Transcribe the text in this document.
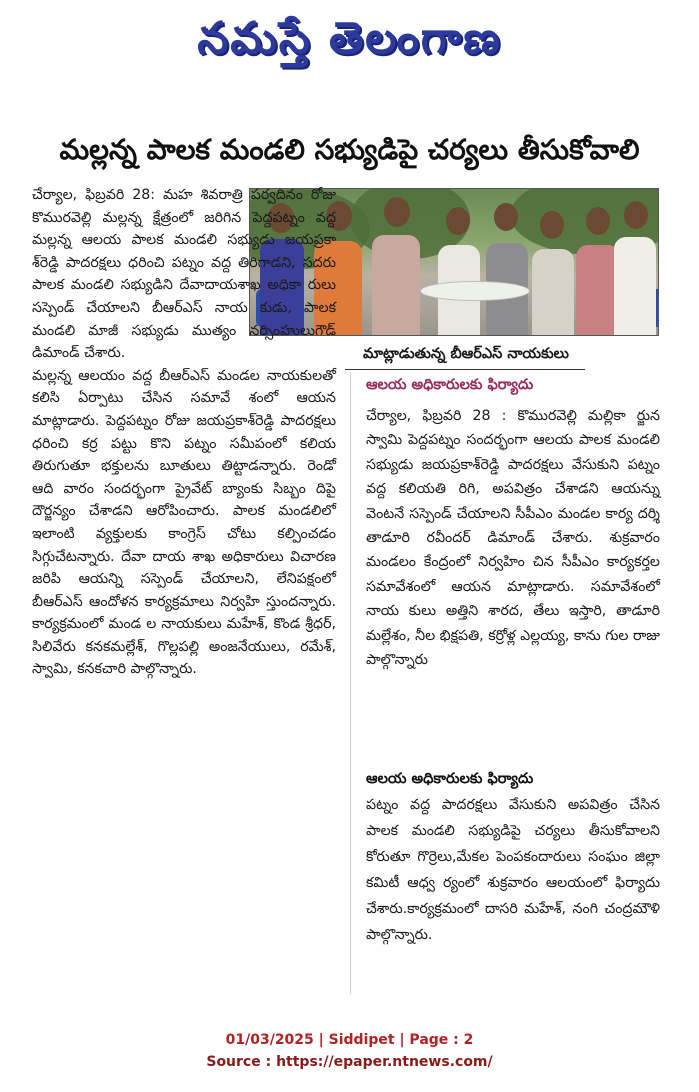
నమస్తే తెలంగాణ
మల్లన్న పాలక మండలి సభ్యుడిపై చర్యలు తీసుకోవాలి
మాట్లాడుతున్న బీఆర్‌ఎస్ నాయకులు

చేర్యాల, ఫిబ్రవరి 28: మహ శివరాత్రి పర్వదినం రోజు కొమురవెల్లి మల్లన్న క్షేత్రంలో జరిగిన పెద్దపట్నం వద్ద మల్లన్న ఆలయ పాలక మండలి సభ్యుడు జయప్రకా శ్‌రెడ్డి పాదరక్షలు ధరించి పట్నం వద్ద తిరిగాడని, సదరు పాలక మండలి సభ్యుడిని దేవాదాయశాఖ అధికా రులు సస్పెండ్ చేయాలని బీఆర్‌ఎస్ నాయ కుడు, పాలక మండలి మాజీ సభ్యుడు ముత్యం నర్సింహులుగౌడ్ డిమాండ్ చేశారు.

మల్లన్న ఆలయం వద్ద బీఆర్‌ఎస్ మండల నాయకులతో కలిసి ఏర్పాటు చేసిన సమావే శంలో ఆయన మాట్లాడారు. పెద్దపట్నం రోజు జయప్రకాశ్‌రెడ్డి పాదరక్షలు ధరించి కర్ర పట్టు కొని పట్నం సమీపంలో కలియ తిరుగుతూ భక్తులను బూతులు తిట్టాడన్నారు. రెండో ఆది వారం సందర్భంగా ప్రైవేట్ బ్యాంకు సిబ్బం దిపై దౌర్జన్యం చేశాడని ఆరోపించారు. పాలక మండలిలో ఇలాంటి వ్యక్తులకు కాంగ్రెస్ చోటు కల్పించడం సిగ్గుచేటన్నారు. దేవా దాయ శాఖ అధికారులు విచారణ జరిపి ఆయన్ని సస్పెండ్ చేయాలని, లేనిపక్షంలో బీఆర్‌ఎస్ ఆందోళన కార్యక్రమాలు నిర్వహి స్తుందన్నారు. కార్యక్రమంలో మండ ల నాయకులు మహేశ్, కొండ శ్రీధర్, సిలివేరు కనకమల్లేశ్, గొల్లపల్లి అంజనేయులు, రమేశ్, స్వామి, కనకచారి పాల్గొన్నారు.

ఆలయ అధికారులకు ఫిర్యాదు
చేర్యాల, ఫిబ్రవరి 28 : కొమురవెల్లి మల్లికా ర్జున స్వామి పెద్దపట్నం సందర్భంగా ఆలయ పాలక మండలి సభ్యుడు జయప్రకాశ్‌రెడ్డి పాదరక్షలు వేసుకుని పట్నం వద్ద కలియతి రిగి, అపవిత్రం చేశాడని ఆయన్ను వెంటనే సస్పెండ్ చేయాలని సీపీఎం మండల కార్య దర్శి తాడూరి రవీందర్ డిమాండ్ చేశారు. శుక్రవారం మండలం కేంద్రంలో నిర్వహిం చిన సీపీఎం కార్యకర్తల సమావేశంలో ఆయన మాట్లాడారు. సమావేశంలో నాయ కులు అత్తిని శారద, తేలు ఇస్తారి, తాడూరి మల్లేశం, నీల భిక్షపతి, కర్రోళ్ల ఎల్లయ్య, కాను గుల రాజు పాల్గొన్నారు
ఆలయ అధికారులకు ఫిర్యాదు
పట్నం వద్ద పాదరక్షలు వేసుకుని అపవిత్రం చేసిన పాలక మండలి సభ్యుడిపై చర్యలు తీసుకోవాలని కోరుతూ గొర్రెలు,మేకల పెంపకందారులు సంఘం జిల్లా కమిటీ ఆధ్వ ర్యంలో శుక్రవారం ఆలయంలో ఫిర్యాదు చేశారు.కార్యక్రమంలో దాసరి మహేశ్, నంగి చంద్రమౌళి పాల్గొన్నారు.
01/03/2025 | Siddipet | Page : 2
Source : https://epaper.ntnews.com/
